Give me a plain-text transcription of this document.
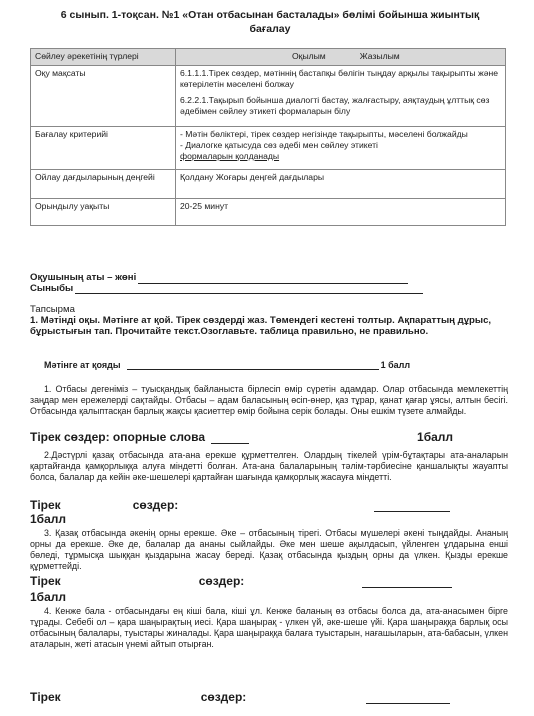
6 сынып. 1-тоқсан. №1 «Отан отбасынан басталады» бөлімі бойынша жиынтық
бағалау
Сөйлеу әрекетінің түрлері	Оқылым Жазылым
Оқу мақсаты	6.1.1.1.Тірек сөздер, мәтіннің бастапқы бөлігін тыңдау арқылы тақырыпты және көтерілетін мәселені болжау

6.2.2.1.Тақырып бойынша диалогті бастау, жалғастыру, аяқтаудың ұлттық сөз әдебімен сөйлеу этикеті формаларын білу

Бағалау критерийі	- Мәтін бөліктері, тірек сөздер негізінде тақырыпты, мәселені болжайды
- Диалогке қатысуда сөз әдебі мен сөйлеу этикеті
формаларын қолданады

Ойлау дағдыларының деңгейі	Қолдану Жоғары деңгей дағдылары
Орындылу уақыты	20-25 минут
Оқушының аты – жөні
Сыныбы
Тапсырма
1. Мәтінді оқы. Мәтінге ат қой. Тірек сөздерді жаз. Төмендегі кестені толтыр. Ақпараттың дұрыс, бұрыстығын тап. Прочитайте текст.Озоглавьте. таблица правильно, не правильно.
Мәтінге ат қояды	1 балл
1. Отбасы дегеніміз – туысқандық байланыста бірлесіп өмір сүретін адамдар. Олар отбасында мемлекеттің заңдар мен ережелерді сақтайды. Отбасы – адам баласының өсіп-өнер, қаз тұрар, қанат қағар ұясы, алтын бесігі. Отбасында қалыптасқан барлық жақсы қасиеттер өмір бойына серік болады. Оны ешкім түзете алмайды.
Тірек сөздер: опорные слова	1балл
2.Дәстүрлі қазақ отбасында ата-ана ерекше құрметтелген. Олардың тікелей үрім-бұтақтары ата-аналарын қартайғанда қамқорлыққа алуға міндетті болған. Ата-ана балаларының тәлім-тәрбиесіне қаншалықты жауапты болса, балалар да кейін әке-шешелері қартайған шағында қамқорлық жасауға міндетті.
Тірек	сөздер:
1балл
3. Қазақ отбасында әкенің орны ерекше. Әке – отбасының тірегі. Отбасы мүшелері әкені тыңдайды. Ананың орны да ерекше. Әке де, балалар да ананы сыйлайды. Әке мен шеше ақылдасып, үйленген ұлдарына енші бөледі, тұрмысқа шыққан қыздарына жасау береді. Қазақ отбасында қыздың орны да үлкен. Қызды ерекше құрметтейді.
Тірек	сөздер:
1балл
4. Кенже бала - отбасындағы ең кіші бала, кіші ұл. Кенже баланың өз отбасы болса да, ата-анасымен бірге тұрады. Себебі ол – қара шаңырақтың иесі. Қара шаңырақ - үлкен үй, әке-шеше үйі. Қара шаңыраққа барлық осы отбасының балалары, туыстары жиналады. Қара шаңыраққа балаға туыстарын, нағашыларын, ата-бабасын, үлкен аталарын, жеті атасын үнемі айтып отырған.
Тірек	сөздер:
